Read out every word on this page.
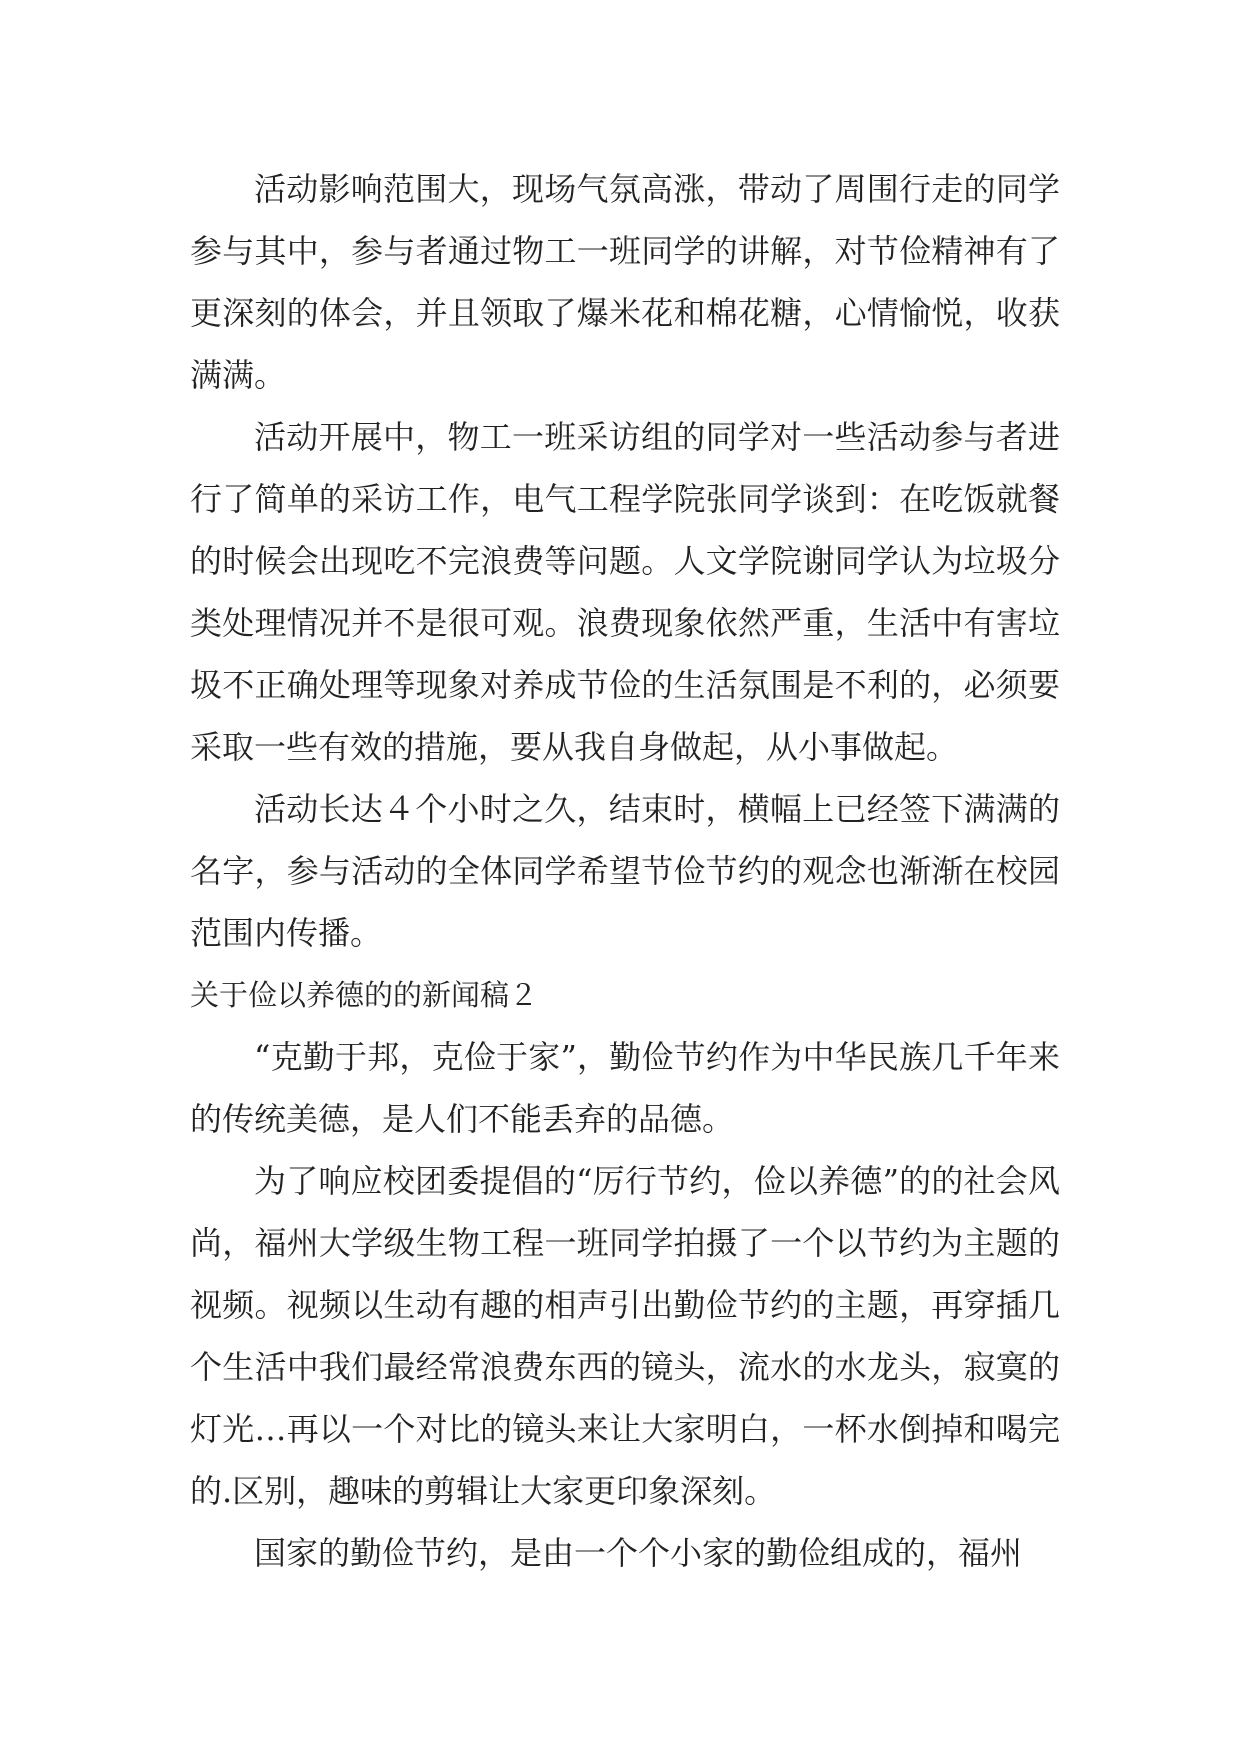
活动影响范围大，现场气氛高涨，带动了周围行走的同学参与其中，参与者通过物工一班同学的讲解，对节俭精神有了更深刻的体会，并且领取了爆米花和棉花糖，心情愉悦，收获满满。

活动开展中，物工一班采访组的同学对一些活动参与者进行了简单的采访工作，电气工程学院张同学谈到：在吃饭就餐的时候会出现吃不完浪费等问题。人文学院谢同学认为垃圾分类处理情况并不是很可观。浪费现象依然严重，生活中有害垃圾不正确处理等现象对养成节俭的生活氛围是不利的，必须要采取一些有效的措施，要从我自身做起，从小事做起。

活动长达４个小时之久，结束时，横幅上已经签下满满的名字，参与活动的全体同学希望节俭节约的观念也渐渐在校园范围内传播。

关于俭以养德的的新闻稿２

“克勤于邦，克俭于家”，勤俭节约作为中华民族几千年来的传统美德，是人们不能丢弃的品德。

为了响应校团委提倡的“厉行节约，俭以养德”的的社会风尚，福州大学级生物工程一班同学拍摄了一个以节约为主题的视频。视频以生动有趣的相声引出勤俭节约的主题，再穿插几个生活中我们最经常浪费东西的镜头，流水的水龙头，寂寞的灯光…再以一个对比的镜头来让大家明白，一杯水倒掉和喝完的.区别，趣味的剪辑让大家更印象深刻。

国家的勤俭节约，是由一个个小家的勤俭组成的，福州
